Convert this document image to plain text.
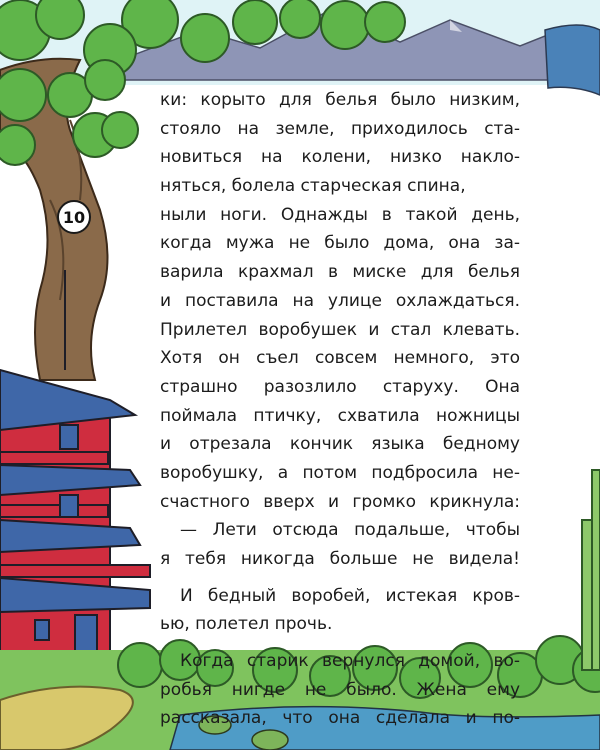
10
ки: корыто для белья было низким,
стояло на земле, приходилось ста-
новиться на колени, низко накло-
няться, болела старческая спина,
ныли ноги. Однажды в такой день,
когда мужа не было дома, она за-
варила крахмал в миске для белья
и поставила на улице охлаждаться.
Прилетел воробушек и стал клевать.
Хотя он съел совсем немного, это
страшно разозлило старуху. Она
поймала птичку, схватила ножницы
и отрезала кончик языка бедному
воробушку, а потом подбросила не-
счастного вверх и громко крикнула:
— Лети отсюда подальше, чтобы
я тебя никогда больше не видела!
И бедный воробей, истекая кров-
ью, полетел прочь.
Когда старик вернулся домой, во-
робья нигде не было. Жена ему
рассказала, что она сделала и по-
